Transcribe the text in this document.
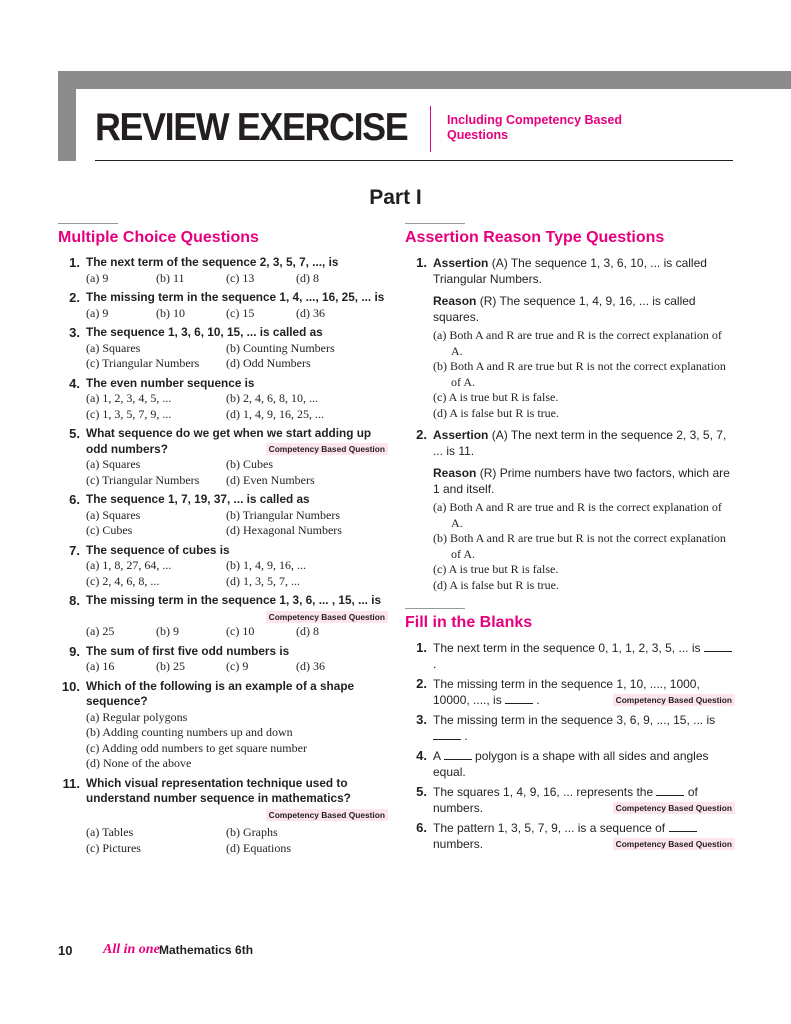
REVIEW EXERCISE	Including Competency Based
Questions
Part I
Multiple Choice Questions
1. The next term of the sequence 2, 3, 5, 7, ..., is
(a) 9	(b) 11	(c) 13	(d) 8
2. The missing term in the sequence 1, 4, ..., 16, 25, ... is
(a) 9	(b) 10	(c) 15	(d) 36
3. The sequence 1, 3, 6, 10, 15, ... is called as
(a) Squares	(b) Counting Numbers
(c) Triangular Numbers	(d) Odd Numbers
4. The even number sequence is
(a) 1, 2, 3, 4, 5, ...	(b) 2, 4, 6, 8, 10, ...
(c) 1, 3, 5, 7, 9, ...	(d) 1, 4, 9, 16, 25, ...
5. What sequence do we get when we start adding up
odd numbers?	Competency Based Question
(a) Squares	(b) Cubes
(c) Triangular Numbers	(d) Even Numbers
6. The sequence 1, 7, 19, 37, ... is called as
(a) Squares	(b) Triangular Numbers
(c) Cubes	(d) Hexagonal Numbers
7. The sequence of cubes is
(a) 1, 8, 27, 64, ...	(b) 1, 4, 9, 16, ...
(c) 2, 4, 6, 8, ...	(d) 1, 3, 5, 7, ...
8. The missing term in the sequence 1, 3, 6, ... , 15, ... is
Competency Based Question
(a) 25	(b) 9	(c) 10	(d) 8
9. The sum of first five odd numbers is
(a) 16	(b) 25	(c) 9	(d) 36
10. Which of the following is an example of a shape
sequence?
(a) Regular polygons
(b) Adding counting numbers up and down
(c) Adding odd numbers to get square number
(d) None of the above
11. Which visual representation technique used to
understand number sequence in mathematics?
Competency Based Question
(a) Tables	(b) Graphs
(c) Pictures	(d) Equations
Assertion Reason Type Questions
1. Assertion (A) The sequence 1, 3, 6, 10, ... is called Triangular Numbers.
Reason (R) The sequence 1, 4, 9, 16, ... is called squares.
(a) Both A and R are true and R is the correct explanation of A.
(b) Both A and R are true but R is not the correct explanation of A.
(c) A is true but R is false.
(d) A is false but R is true.
2. Assertion (A) The next term in the sequence 2, 3, 5, 7, ... is 11.
Reason (R) Prime numbers have two factors, which are 1 and itself.
(a) Both A and R are true and R is the correct explanation of A.
(b) Both A and R are true but R is not the correct explanation of A.
(c) A is true but R is false.
(d) A is false but R is true.
Fill in the Blanks
1. The next term in the sequence 0, 1, 1, 2, 3, 5, ... is  .
2. The missing term in the sequence 1, 10, ...., 1000, 10000, ...., is	.	Competency Based Question
3. The missing term in the sequence 3, 6, 9, ..., 15, ... is  .
4. A	polygon is a shape with all sides and angles equal.
5. The squares 1, 4, 9, 16, ... represents the	of numbers.	Competency Based Question
6. The pattern 1, 3, 5, 7, 9, ... is a sequence of  numbers.	Competency Based Question
10 All in one Mathematics 6th
